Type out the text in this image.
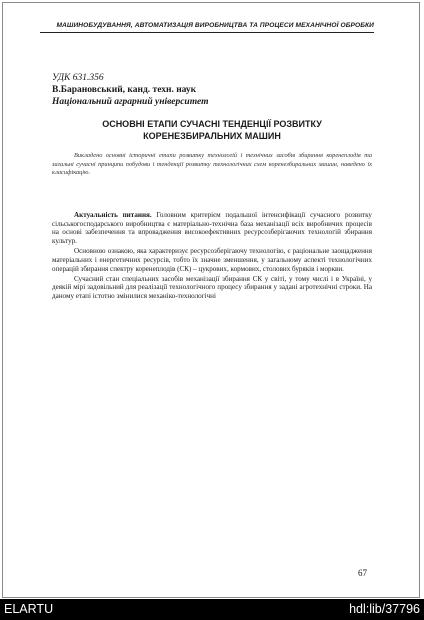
МАШИНОБУДУВАННЯ, АВТОМАТИЗАЦІЯ ВИРОБНИЦТВА ТА ПРОЦЕСИ МЕХАНІЧНОЇ ОБРОБКИ
УДК 631.356
В.Барановський, канд. техн. наук
Національний аграрний університет
ОСНОВНІ ЕТАПИ СУЧАСНІ ТЕНДЕНЦІЇ РОЗВИТКУ
КОРЕНЕЗБИРАЛЬНИХ МАШИН
Викладено основні історичні етапи розвитку технологій і технічних засобів збирання коренеплодів та загальні сучасні принципи побудови і тенденції розвитку технологічних схем коренезбиральних машин, наведено їх класифікацію.

Актуальність питання. Головним критерієм подальшої інтенсифікації сучасного розвитку сільськогосподарського виробництва є матеріально-технічна база механізації всіх виробничих процесів на основі забезпечення та впровадження високоефективних ресурсозберігаючих технологій збирання культур.

Основною ознакою, яка характеризує ресурсозберігаючу технологію, є раціональне заощадження матеріальних і енергетичних ресурсів, тобто їх значне зменшення, у загальному аспекті технологічних операцій збирання спектру коренеплодів (СК) – цукрових, кормових, столових буряків і моркви.

Сучасний стан спеціальних засобів механізації збирання СК у світі, у тому числі і в Україні, у деякій мірі задовільний для реалізації технологічного процесу збирання у задані агротехнічні строки. На даному етапі істотно змінилися механіко-технологічні

67
ELARTU	hdl:lib/37796
